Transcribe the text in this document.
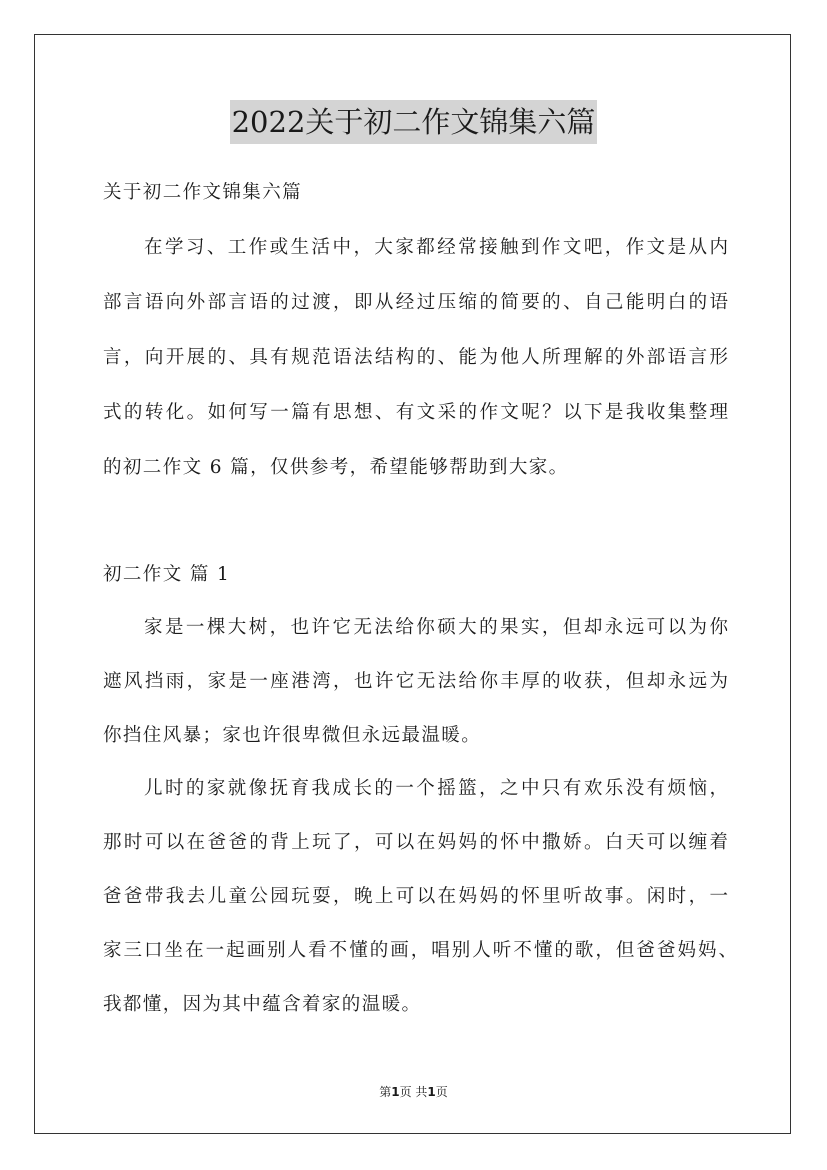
2022关于初二作文锦集六篇
关于初二作文锦集六篇
在学习、工作或生活中，大家都经常接触到作文吧，作文是从内
部言语向外部言语的过渡，即从经过压缩的简要的、自己能明白的语
言，向开展的、具有规范语法结构的、能为他人所理解的外部语言形
式的转化。如何写一篇有思想、有文采的作文呢？以下是我收集整理
的初二作文 6 篇，仅供参考，希望能够帮助到大家。
初二作文 篇 1
家是一棵大树，也许它无法给你硕大的果实，但却永远可以为你
遮风挡雨，家是一座港湾，也许它无法给你丰厚的收获，但却永远为
你挡住风暴；家也许很卑微但永远最温暖。
儿时的家就像抚育我成长的一个摇篮，之中只有欢乐没有烦恼，
那时可以在爸爸的背上玩了，可以在妈妈的怀中撒娇。白天可以缠着
爸爸带我去儿童公园玩耍，晚上可以在妈妈的怀里听故事。闲时，一
家三口坐在一起画别人看不懂的画，唱别人听不懂的歌，但爸爸妈妈、
我都懂，因为其中蕴含着家的温暖。
第1页 共1页
